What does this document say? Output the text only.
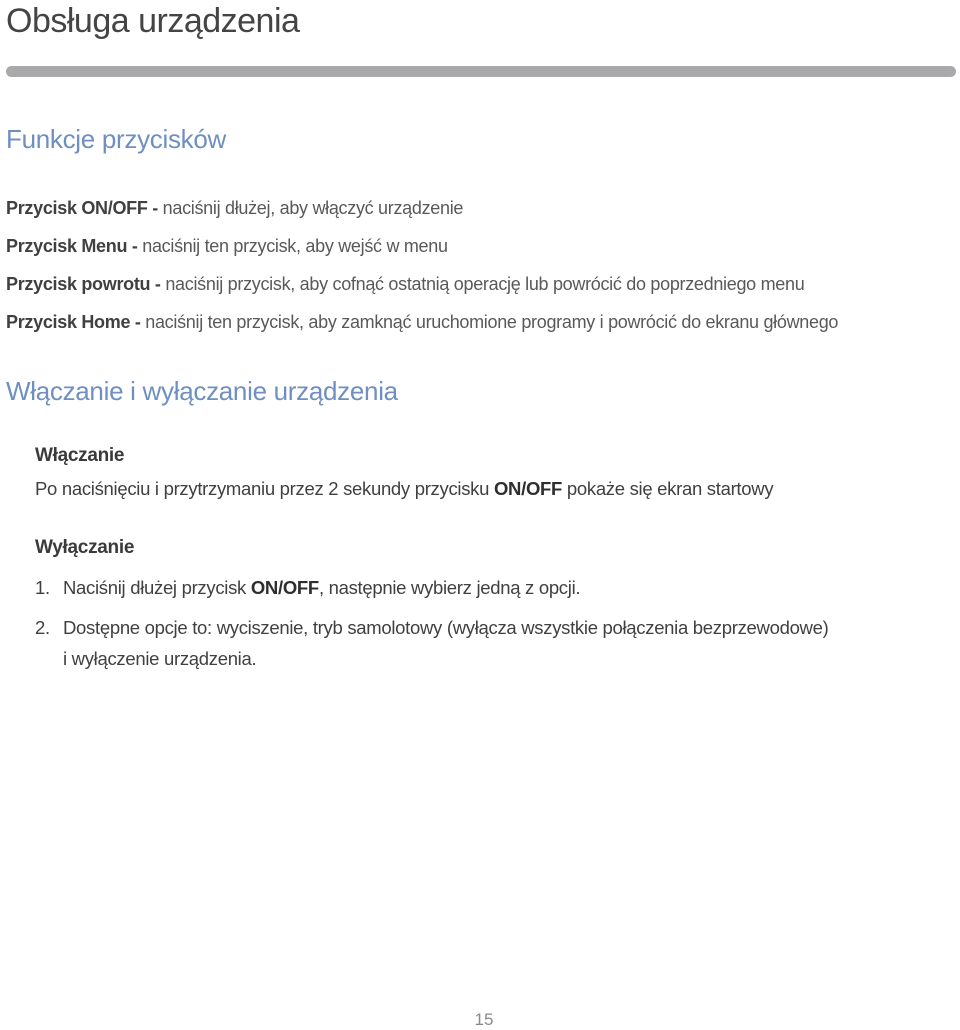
Obsługa urządzenia
Funkcje przycisków
Przycisk ON/OFF - naciśnij dłużej, aby włączyć urządzenie
Przycisk Menu - naciśnij ten przycisk, aby wejść w menu
Przycisk powrotu - naciśnij przycisk, aby cofnąć ostatnią operację lub powrócić do poprzedniego menu
Przycisk Home - naciśnij ten przycisk, aby zamknąć uruchomione programy i powrócić do ekranu głównego
Włączanie i wyłączanie urządzenia
Włączanie

Po naciśnięciu i przytrzymaniu przez 2 sekundy przycisku ON/OFF pokaże się ekran startowy

Wyłączanie
1. Naciśnij dłużej przycisk ON/OFF, następnie wybierz jedną z opcji.
2. Dostępne opcje to: wyciszenie, tryb samolotowy (wyłącza wszystkie połączenia bezprzewodowe)
i wyłączenie urządzenia.
15
